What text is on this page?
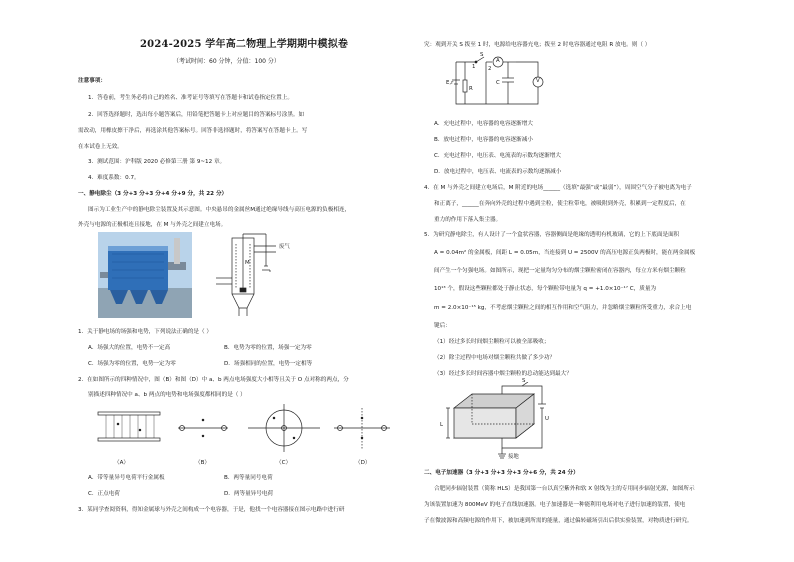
2024-2025 学年高二物理上学期期中模拟卷
（考试时间：60 分钟，分值：100 分）
注意事项：
1．答卷前，考生务必将自己的姓名、准考证号等填写在答题卡和试卷指定位置上。
2．回答选择题时，选出每小题答案后，用铅笔把答题卡上对应题目的答案标号涂黑。如
需改动，用橡皮擦干净后，再选涂其他答案标号。回答非选择题时，将答案写在答题卡上。写
在本试卷上无效。
3．测试范围：沪科版 2020 必修第三册 第 9~12 章。
4．难度系数：0.7。
一、静电除尘（3 分+3 分+3 分+4 分+9 分，共 22 分）
图示为工业生产中的静电除尘装置及其示意图。中央悬吊的金属丝M通过绝缘导线与高压电源的负极相连，
外壳与电源的正极相连且接地，在 M 与外壳之间建立电场。
废气
M
1．关于静电场的场强和电势，下列说法正确的是（ ）
A．场强大的位置，电势不一定高	B．电势为零的位置，场强一定为零
C．场强为零的位置，电势一定为零	D．场强相同的位置，电势一定相等
2．在如图所示的四种情况中，图（B）和图（D）中 a、b 两点电场强度大小相等且关于 O 点对称的两点，分
别描述四种情况中 a、b 两点的电势和电场强度都相同的是（ ）
（A）	（B）	（C）	（D）
A．带等量异号电荷平行金属板	B．两等量同号电荷
C．正点电荷	D．两等量异号电荷
3．某同学查阅资料，得知金属球与外壳之间构成一个电容器，于是，他找一个电容器接在图示电路中进行研
究：观到开关 S 拨至 1 时，电源给电容器充电；拨至 2 时电容器通过电阻 R 放电。则（ ）
E,r
S
A
V
C
R
1 2
A．充电过程中，电容器的电容逐渐增大
B．放电过程中，电容器的电容逐渐减小
C．充电过程中，电压表、电流表的示数均逐渐增大
D．放电过程中，电压表、电流表的示数均逐渐减小
4．在 M 与外壳之间建立电场后，M 附近的电场______（选填“最强”或“最弱”），周围空气分子被电离为电子
和正离子，______在奔向外壳的过程中遇到尘粒，使尘粒带电，被吸附到外壳，积累到一定程度后，在
重力的作用下落入集尘器。
5．为研究静电除尘，有人设计了一个盒状容器，容器侧面是绝缘的透明有机玻璃，它的上下底面是面积
A = 0.04m² 的金属板，间距 L = 0.05m，当连接到 U = 2500V 的高压电源正负两极时，能在两金属板
间产生一个匀强电场。如图所示，现把一定量均匀分布的烟尘颗粒密闭在容器内，每立方米有烟尘颗粒
10¹³ 个，假设这些颗粒都处于静止状态，每个颗粒带电量为 q = +1.0×10⁻¹⁷ C，质量为
m = 2.0×10⁻¹⁵ kg，不考虑烟尘颗粒之间的相互作用和空气阻力，并忽略烟尘颗粒所受重力，求合上电
键后：
（1）经过多长时间烟尘颗粒可以被全部吸收；
（2）除尘过程中电场对烟尘颗粒共做了多少功？
（3）经过多长时间容器中烟尘颗粒的总动能达到最大？
S
U
L
接地
二、电子加速器（3 分+3 分+3 分+3 分+6 分，共 24 分）
合肥同步辐射装置（简称 HLS）是我国第一台以真空紫外和软 X 射线为主的专用同步辐射光源，如图所示
为该装置加速为 800MeV 的电子直线加速器。电子加速器是一种能利用电场对电子进行加速的装置，使电
子在微波源和高频电源的作用下，被加速到所需的能量，通过偏转磁场引出后供实验装置，对物质进行研究。
